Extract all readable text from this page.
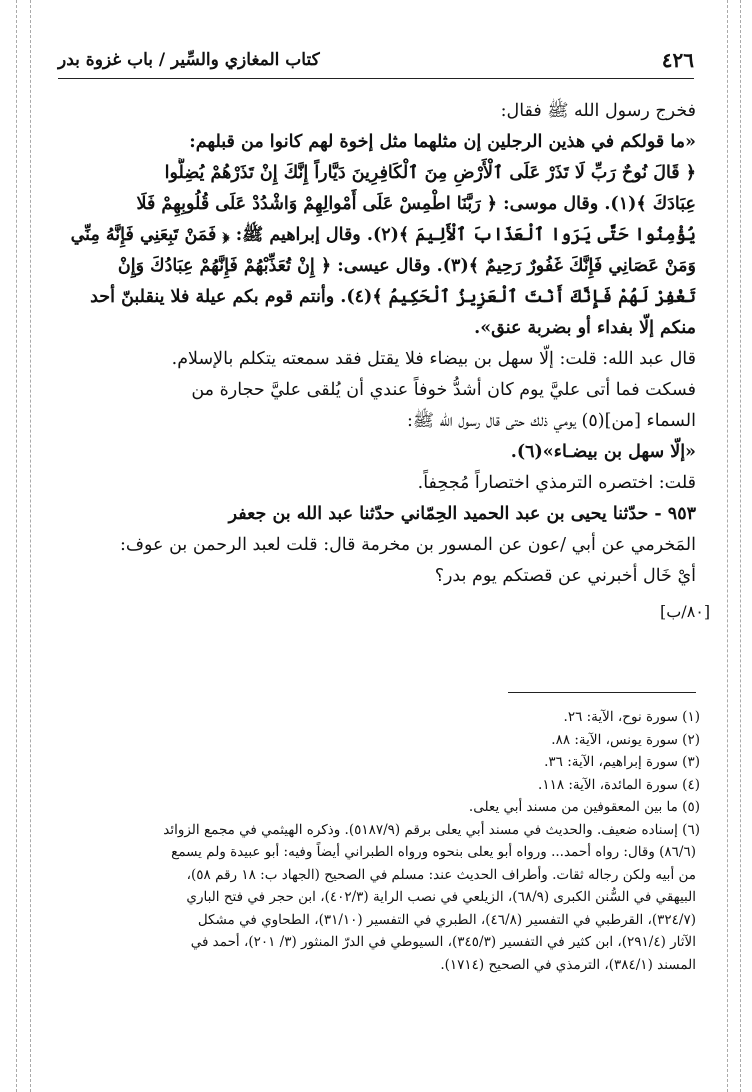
٤٢٦
كتاب المغازي والسِّير / باب غزوة بدر
فخرج رسول الله ﷺ فقال:
«ما قولكم في هذين الرجلين إن مثلهما مثل إخوة لهم كانوا من قبلهم:
﴿ قَالَ نُوحٌ رَبِّ لَا تَذَرْ عَلَى ٱلْأَرْضِ مِنَ ٱلْكَافِرِينَ دَيَّاراً إِنَّكَ إِنْ تَذَرْهُمْ يُضِلُّوا
عِبَادَكَ ﴾(١). وقال موسى: ﴿ رَبَّنَا اطْمِسْ عَلَى أَمْوالِهِمْ وَاشْدُدْ عَلَى قُلُوبِهِمْ فَلَا
يُؤْمِنُوا حَتَّى يَرَوا ٱلْعَذَابَ ٱلْأَلِيمَ ﴾(٢). وقال إبراهيم ﷺ: ﴿ فَمَنْ تَبِعَنِي فَإِنَّهُ مِنِّي
وَمَنْ عَصَانِي فَإِنَّكَ غَفُورٌ رَحِيمٌ ﴾(٣). وقال عيسى: ﴿ إِنْ تُعَذِّبْهُمْ فَإِنَّهُمْ عِبَادُكَ وَإِنْ
تَغْفِرْ لَهُمْ فَإِنَّكَ أَنْتَ ٱلْعَزِيزُ ٱلْحَكِيمُ ﴾(٤). وأنتم قوم بكم عيلة فلا ينقلبنّ أحد
منكم إلّا بفداء أو بضربة عنق».
قال عبد الله: قلت: إلّا سهل بن بيضاء فلا يقتل فقد سمعته يتكلم بالإسلام.
فسكت فما أتى عليَّ يوم كان أشدُّ خوفاً عندي أن يُلقى عليَّ حجارة من
السماء [من](٥) يومي ذلك حتى قال رسول الله ﷺ:
«إلّا سهل بن بيضـاء»(٦).
قلت: اختصره الترمذي اختصاراً مُجحِفاً.
٩٥٣ - حدّثنا يحيى بن عبد الحميد الحِمّاني حدّثنا عبد الله بن جعفر
المَخرمي عن أبي /عون عن المسور بن مخرمة قال: قلت لعبد الرحمن بن عوف:
أيْ خَال أخبرني عن قصتكم يوم بدر؟
[٨٠/ب]
(١) سورة نوح، الآية: ٢٦.
(٢) سورة يونس، الآية: ٨٨.
(٣) سورة إبراهيم، الآية: ٣٦.
(٤) سورة المائدة، الآية: ١١٨.
(٥) ما بين المعقوفين من مسند أبي يعلى.
(٦) إسناده ضعيف. والحديث في مسند أبي يعلى برقم (٥١٨٧/٩). وذكره الهيثمي في مجمع الزوائد
(٨٦/٦) وقال: رواه أحمد... ورواه أبو يعلى بنحوه ورواه الطبراني أيضاً وفيه: أبو عبيدة ولم يسمع
من أبيه ولكن رجاله ثقات. وأطراف الحديث عند: مسلم في الصحيح (الجهاد ب: ١٨ رقم ٥٨)،
البيهقي في السُّنن الكبرى (٦٨/٩)، الزيلعي في نصب الراية (٤٠٢/٣)، ابن حجر في فتح الباري
(٣٢٤/٧)، القرطبي في التفسير (٤٦/٨)، الطبري في التفسير (٣١/١٠)، الطحاوي في مشكل
الآثار (٢٩١/٤)، ابن كثير في التفسير (٣٤٥/٣)، السيوطي في الدرّ المنثور (٣/ ٢٠١)، أحمد في
المسند (٣٨٤/١)، الترمذي في الصحيح (١٧١٤).
